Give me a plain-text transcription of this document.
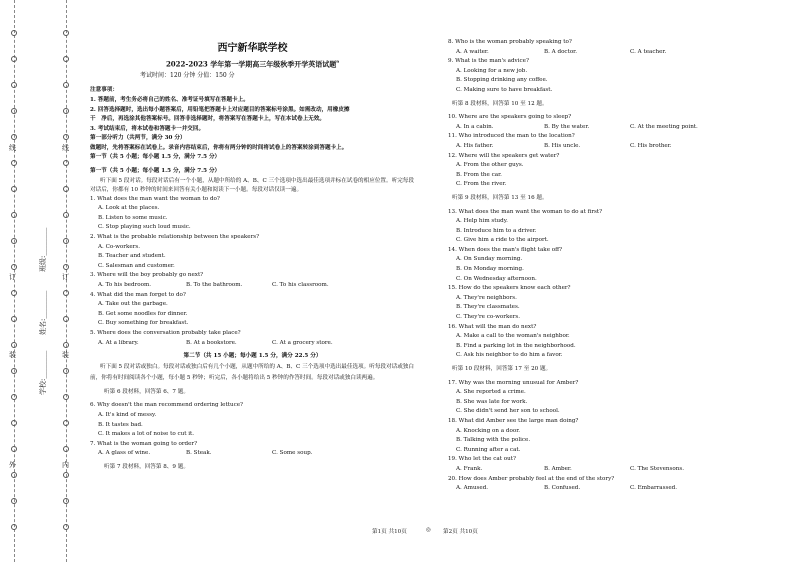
线
订
装
外
线
订
装
内
班级:________
姓名:________
学校:________
西宁新华联学校
2022-2023 学年第一学期高三年级秋季开学英语试题$^9$
考试时间：120 分钟 分值：150 分
注意事项：
1. 答题前，考生务必将自己的姓名、准考证号填写在答题卡上。
2. 回答选择题时，选出每小题答案后，用铅笔把答题卡上对应题目的答案标号涂黑。如需改动，用橡皮擦
干　净后，再选涂其他答案标号。回答非选择题时，将答案写在答题卡上，写在本试卷上无效。
3. 考试结束后，将本试卷和答题卡一并交回。
第一部分听力（共两节，满分 30 分）
做题时，先将答案标在试卷上。录音内容结束后，你将有两分钟的时间将试卷上的答案转涂到答题卡上。
第一节（共 5 小题；每小题 1.5 分，满分 7.5 分）
第一节（共 5 小题；每小题 1.5 分，满分 7.5 分）
听下面 5 段对话。每段对话后有一个小题，从题中所给的 A、B、C 三个选项中选出最佳选项并标在试卷的相应位置。听完每段对话后，你都有 10 秒钟的时间来回答有关小题和阅读下一小题。每段对话仅读一遍。
1. What does the man want the woman to do?
A. Look at the places.
B. Listen to some music.
C. Stop playing such loud music.
2. What is the probable relationship between the speakers?
A. Co-workers.
B. Teacher and student.
C. Salesman and customer.
3. Where will the boy probably go next?
A. To his bedroom.	B. To the bathroom.	C. To his classroom.
4. What did the man forget to do?
A. Take out the garbage.
B. Get some noodles for dinner.
C. Buy something for breakfast.
5. Where does the conversation probably take place?
A. At a library.	B. At a bookstore.	C. At a grocery store.
第二节（共 15 小题；每小题 1.5 分，满分 22.5 分）
听下面 5 段对话或独白。每段对话或独白后有几个小题，从题中所给的 A、B、C 三个选项中选出最佳选项。听每段对话或独白前，你将有时间阅读各个小题，每小题 5 秒钟；听完后，各小题将给出 5 秒钟的作答时间。每段对话或独白读两遍。
听第 6 段材料，回答第 6、7 题。
6. Why doesn't the man recommend ordering lettuce?
A. It's kind of messy.
B. It tastes bad.
C. It makes a lot of noise to cut it.
7. What is the woman going to order?
A. A glass of wine.	B. Steak.	C. Some soup.
听第 7 段材料，回答第 8、9 题。
8. Who is the woman probably speaking to?
A. A waiter.	B. A doctor.	C. A teacher.
9. What is the man's advice?
A. Looking for a new job.
B. Stopping drinking any coffee.
C. Making sure to have breakfast.
听第 8 段材料，回答第 10 至 12 题。
10. Where are the speakers going to sleep?
A. In a cabin.	B. By the water.	C. At the meeting point.
11. Who introduced the man to the location?
A. His father.	B. His uncle.	C. His brother.
12. Where will the speakers get water?
A. From the other guys.
B. From the car.
C. From the river.
听第 9 段材料，回答第 13 至 16 题。
13. What does the man want the woman to do at first?
A. Help him study.
B. Introduce him to a driver.
C. Give him a ride to the airport.
14. When does the man's flight take off?
A. On Sunday morning.
B. On Monday morning.
C. On Wednesday afternoon.
15. How do the speakers know each other?
A. They're neighbors.
B. They're classmates.
C. They're co-workers.
16. What will the man do next?
A. Make a call to the woman's neighbor.
B. Find a parking lot in the neighborhood.
C. Ask his neighbor to do him a favor.
听第 10 段材料，回答第 17 至 20 题。
17. Why was the morning unusual for Amber?
A. She reported a crime.
B. She was late for work.
C. She didn't send her son to school.
18. What did Amber see the large man doing?
A. Knocking on a door.
B. Talking with the police.
C. Running after a cat.
19. Who let the cat out?
A. Frank.	B. Amber.	C. The Stevensons.
20. How does Amber probably feel at the end of the story?
A. Amused.	B. Confused.	C. Embarrassed.
第1页 共10页	◎ 第2页 共10页
